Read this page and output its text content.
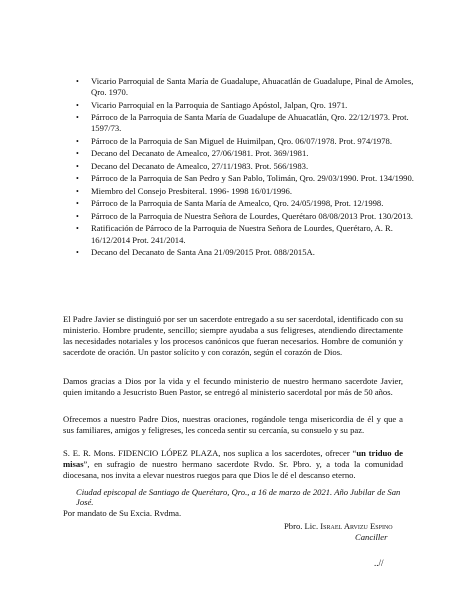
• Vicario Parroquial de Santa María de Guadalupe, Ahuacatlán de Guadalupe, Pinal de Amoles, Qro. 1970.
• Vicario Parroquial en la Parroquia de Santiago Apóstol, Jalpan, Qro. 1971.
• Párroco de la Parroquia de Santa María de Guadalupe de Ahuacatlán, Qro. 22/12/1973. Prot. 1597/73.
• Párroco de la Parroquia de San Miguel de Huimilpan, Qro. 06/07/1978. Prot. 974/1978.
• Decano del Decanato de Amealco, 27/06/1981. Prot. 369/1981.
• Decano del Decanato de Amealco, 27/11/1983. Prot. 566/1983.
• Párroco de la Parroquia de San Pedro y San Pablo, Tolimán, Qro. 29/03/1990. Prot. 134/1990.
• Miembro del Consejo Presbiteral. 1996- 1998 16/01/1996.
• Párroco de la Parroquia de Santa María de Amealco, Qro. 24/05/1998, Prot. 12/1998.
• Párroco de la Parroquia de Nuestra Señora de Lourdes, Querétaro 08/08/2013 Prot. 130/2013.
• Ratificación de Párroco de la Parroquia de Nuestra Señora de Lourdes, Querétaro, A. R. 16/12/2014 Prot. 241/2014.
• Decano del Decanato de Santa Ana 21/09/2015 Prot. 088/2015A.

El Padre Javier se distinguió por ser un sacerdote entregado a su ser sacerdotal, identificado con su ministerio. Hombre prudente, sencillo; siempre ayudaba a sus feligreses, atendiendo directamente las necesidades notariales y los procesos canónicos que fueran necesarios. Hombre de comunión y sacerdote de oración. Un pastor solícito y con corazón, según el corazón de Dios.

Damos gracias a Dios por la vida y el fecundo ministerio de nuestro hermano sacerdote Javier, quien imitando a Jesucristo Buen Pastor, se entregó al ministerio sacerdotal por más de 50 años.

Ofrecemos a nuestro Padre Dios, nuestras oraciones, rogándole tenga misericordia de él y que a sus familiares, amigos y feligreses, les conceda sentir su cercanía, su consuelo y su paz.

S. E. R. Mons. FIDENCIO LÓPEZ PLAZA, nos suplica a los sacerdotes, ofrecer “un triduo de misas”, en sufragio de nuestro hermano sacerdote Rvdo. Sr. Pbro. y, a toda la comunidad diocesana, nos invita a elevar nuestros ruegos para que Dios le dé el descanso eterno.

Ciudad episcopal de Santiago de Querétaro, Qro., a 16 de marzo de 2021. Año Jubilar de San José.

Por mandato de Su Excia. Rvdma.

Pbro. Lic. Israel Arvizu Espino

Canciller

..//
